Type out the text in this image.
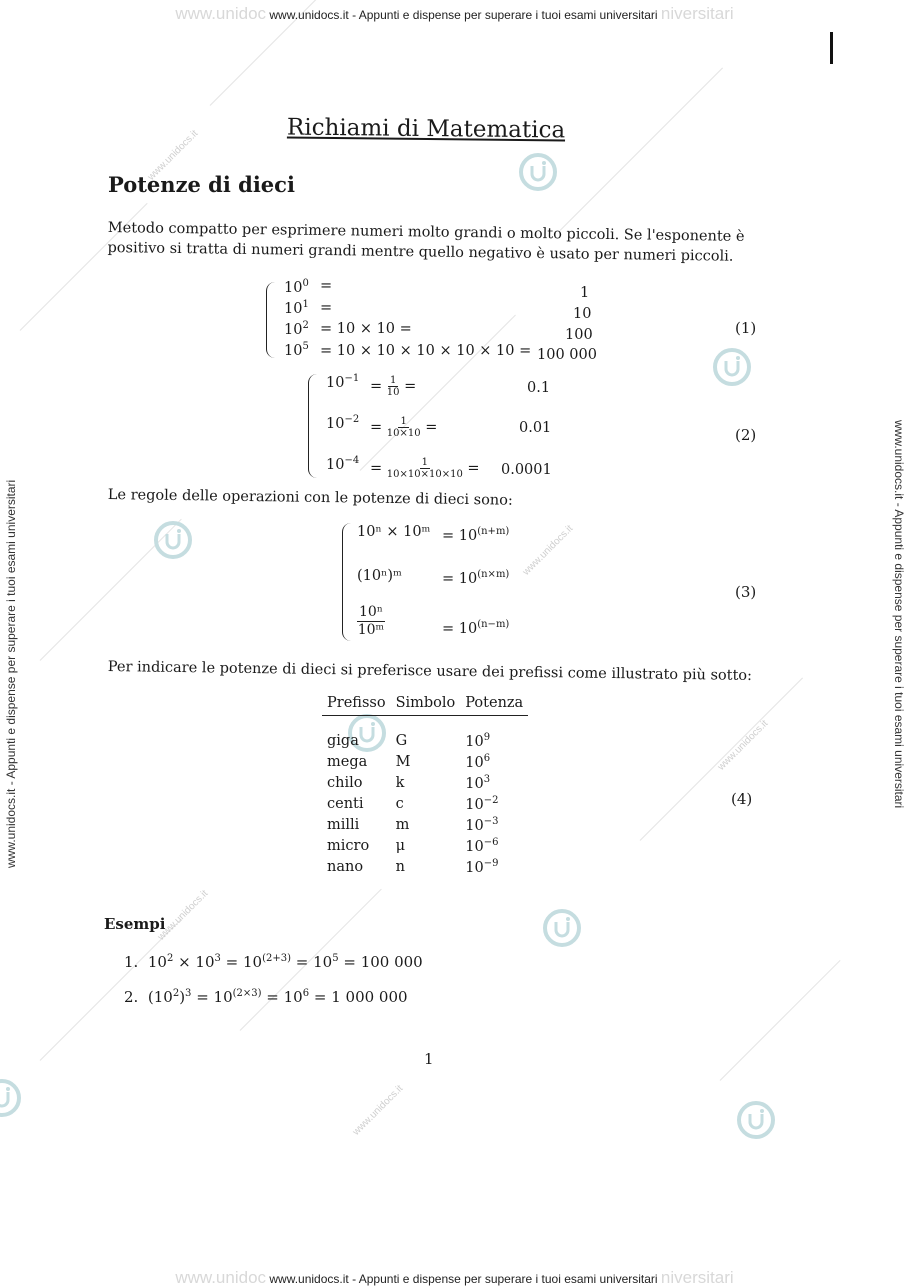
www.unidocs.it
www.unidocs.it
www.unidocs.it
www.unidocs.it
www.unidocs.it
www.unidoc www.unidocs.it - Appunti e dispense per superare i tuoi esami universitari niversitari
www.unidoc www.unidocs.it - Appunti e dispense per superare i tuoi esami universitari niversitari
www.unidocs.it - Appunti e dispense per superare i tuoi esami universitari	www.unidocs.it - Appunti e dispense per superare i tuoi esami universitari
Richiami di Matematica
Potenze di dieci
Metodo compatto per esprimere numeri molto grandi o molto piccoli. Se l'esponente è positivo si tratta di numeri grandi mentre quello negativo è usato per numeri piccoli.
$10^0$ =	1
$10^1$ =	10
$10^2 = 10 \times 10$ =	100
$10^5 = 10 \times 10 \times 10 \times 10 \times 10 = 100$ 000
(1)
$10^{-1} = \frac{1}{10}$ =	0.1
$10^{-2} = \frac{1}{10\times 10}$ =	0.01
$10^{-4} = \frac{1}{10\times 10\times 10\times 10} = 0.0001$
(2)
Le regole delle operazioni con le potenze di dieci sono:
10ⁿ × 10ᵐ = $10^{(n+m)}$
(10ⁿ)ᵐ	= $10^{(n\times m)}$
$\frac{\text{10ⁿ}}{\text{10ᵐ}}$	= $10^{(n-m)}$
(3)
Per indicare le potenze di dieci si preferisce usare dei prefissi come illustrato più sotto:
Prefisso	Simbolo	Potenza

giga	G	$10^9$
mega	M	$10^6$
chilo	k	$10^3$
centi	c	$10^{-2}$
milli	m	$10^{-3}$
micro	μ	$10^{-6}$
nano	n	$10^{-9}$
(4)
Esempi
1. $10^2 \times 10^3 = 10^{(2+3)} = 10^5 = 100$ 000
2. $(10^2)^3 = 10^{(2\times 3)} = 10^6 = 1$ 000 000
1
